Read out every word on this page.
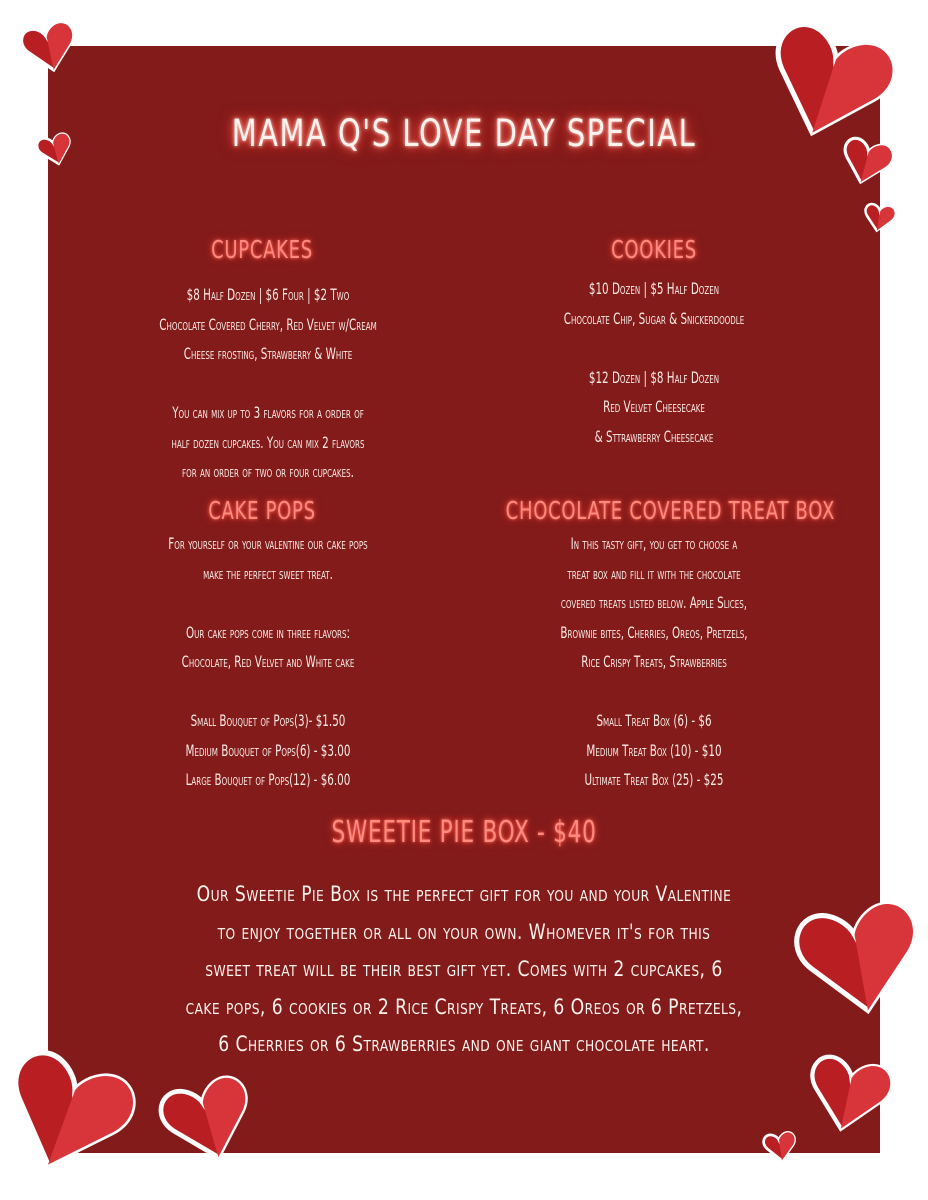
MAMA Q'S LOVE DAY SPECIAL
CUPCAKES
$8 Half Dozen | $6 Four | $2 Two
Chocolate Covered Cherry, Red Velvet w/Cream
Cheese frosting, Strawberry & White
You can mix up to 3 flavors for a order of
half dozen cupcakes. You can mix 2 flavors
for an order of two or four cupcakes.
COOKIES
$10 Dozen | $5 Half Dozen
Chocolate Chip, Sugar & Snickerdoodle
$12 Dozen | $8 Half Dozen
Red Velvet Cheesecake
& Sttrawberry Cheesecake
CAKE POPS
For yourself or your valentine our cake pops
make the perfect sweet treat.
Our cake pops come in three flavors:
Chocolate, Red Velvet and White cake
Small Bouquet of Pops(3)- $1.50
Medium Bouquet of Pops(6) - $3.00
Large Bouquet of Pops(12) - $6.00
CHOCOLATE COVERED TREAT BOX
In this tasty gift, you get to choose a
treat box and fill it with the chocolate
covered treats listed below. Apple Slices,
Brownie bites, Cherries, Oreos, Pretzels,
Rice Crispy Treats, Strawberries
Small Treat Box (6) - $6
Medium Treat Box (10) - $10
Ultimate Treat Box (25) - $25
SWEETIE PIE BOX - $40
Our Sweetie Pie Box is the perfect gift for you and your Valentine
to enjoy together or all on your own. Whomever it's for this
sweet treat will be their best gift yet. Comes with 2 cupcakes, 6
cake pops, 6 cookies or 2 Rice Crispy Treats, 6 Oreos or 6 Pretzels,
6 Cherries or 6 Strawberries and one giant chocolate heart.
